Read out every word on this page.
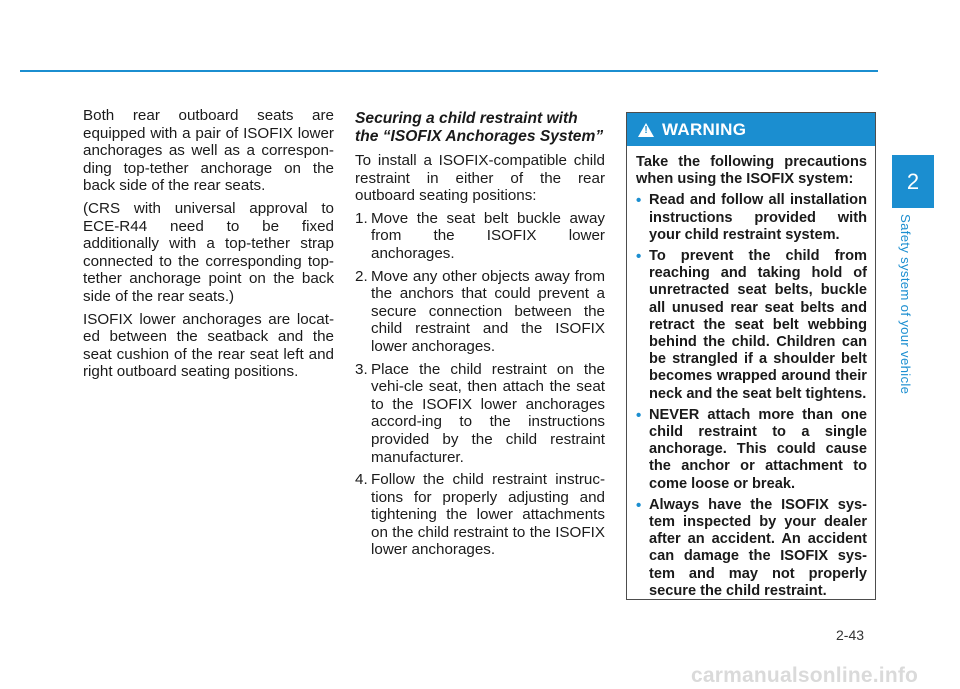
Both rear outboard seats are equipped with a pair of ISOFIX lower anchorages as well as a correspon-ding top-tether anchorage on the back side of the rear seats.

(CRS with universal approval to ECE-R44 need to be fixed additionally with a top-tether strap connected to the corresponding top-tether anchorage point on the back side of the rear seats.)

ISOFIX lower anchorages are locat-ed between the seatback and the seat cushion of the rear seat left and right outboard seating positions.

Securing a child restraint with the “ISOFIX Anchorages System”

To install a ISOFIX-compatible child restraint in either of the rear outboard seating positions:

1. Move the seat belt buckle away from the ISOFIX lower anchorages.
2. Move any other objects away from the anchors that could prevent a secure connection between the child restraint and the ISOFIX lower anchorages.
3. Place the child restraint on the vehi-cle seat, then attach the seat to the ISOFIX lower anchorages accord-ing to the instructions provided by the child restraint manufacturer.
4. Follow the child restraint instruc-tions for properly adjusting and tightening the lower attachments on the child restraint to the ISOFIX lower anchorages.
! WARNING

Take the following precautions when using the ISOFIX system:

• Read and follow all installation instructions provided with your child restraint system.
• To prevent the child from reaching and taking hold of unretracted seat belts, buckle all unused rear seat belts and retract the seat belt webbing behind the child. Children can be strangled if a shoulder belt becomes wrapped around their neck and the seat belt tightens.
• NEVER attach more than one child restraint to a single anchorage. This could cause the anchor or attachment to come loose or break.
• Always have the ISOFIX sys-tem inspected by your dealer after an accident. An accident can damage the ISOFIX sys-tem and may not properly secure the child restraint.
2
Safety system of your vehicle
2-43
carmanualsonline.info
